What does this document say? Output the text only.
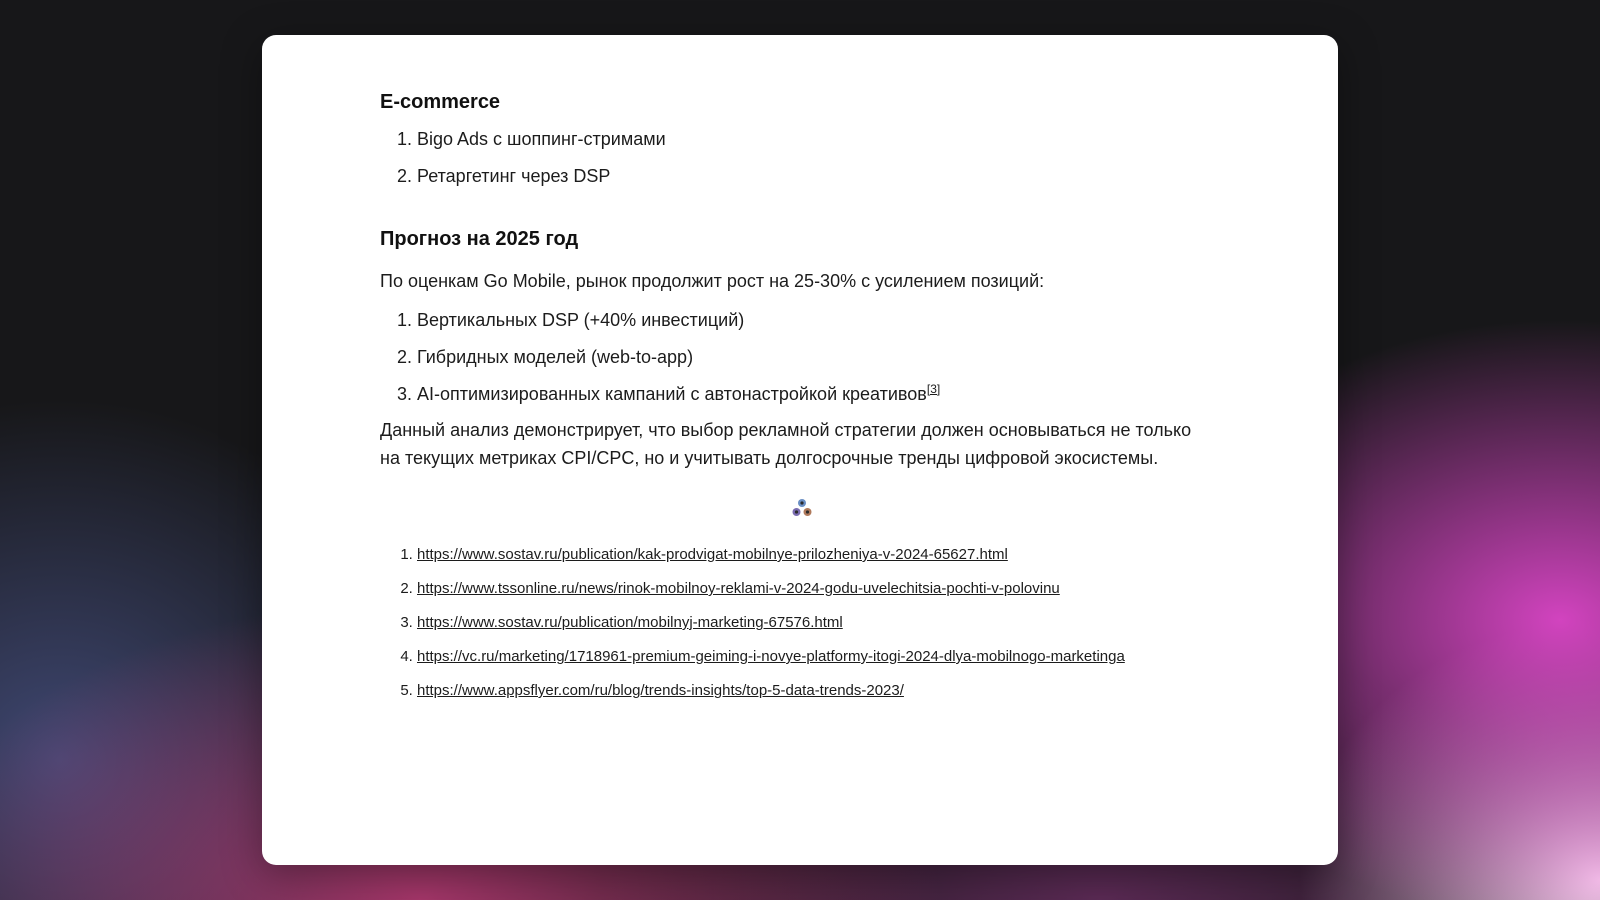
E-commerce
1. Bigo Ads с шоппинг-стримами
2. Ретаргетинг через DSP
Прогноз на 2025 год

По оценкам Go Mobile, рынок продолжит рост на 25-30% с усилением позиций:

1. Вертикальных DSP (+40% инвестиций)
2. Гибридных моделей (web-to-app)
3. AI-оптимизированных кампаний с автонастройкой креативов[3]

Данный анализ демонстрирует, что выбор рекламной стратегии должен основываться не только на текущих метриках CPI/CPC, но и учитывать долгосрочные тренды цифровой экосистемы.

1. https://www.sostav.ru/publication/kak-prodvigat-mobilnye-prilozheniya-v-2024-65627.html
2. https://www.tssonline.ru/news/rinok-mobilnoy-reklami-v-2024-godu-uvelechitsia-pochti-v-polovinu
3. https://www.sostav.ru/publication/mobilnyj-marketing-67576.html
4. https://vc.ru/marketing/1718961-premium-geiming-i-novye-platformy-itogi-2024-dlya-mobilnogo-marketinga
5. https://www.appsflyer.com/ru/blog/trends-insights/top-5-data-trends-2023/
